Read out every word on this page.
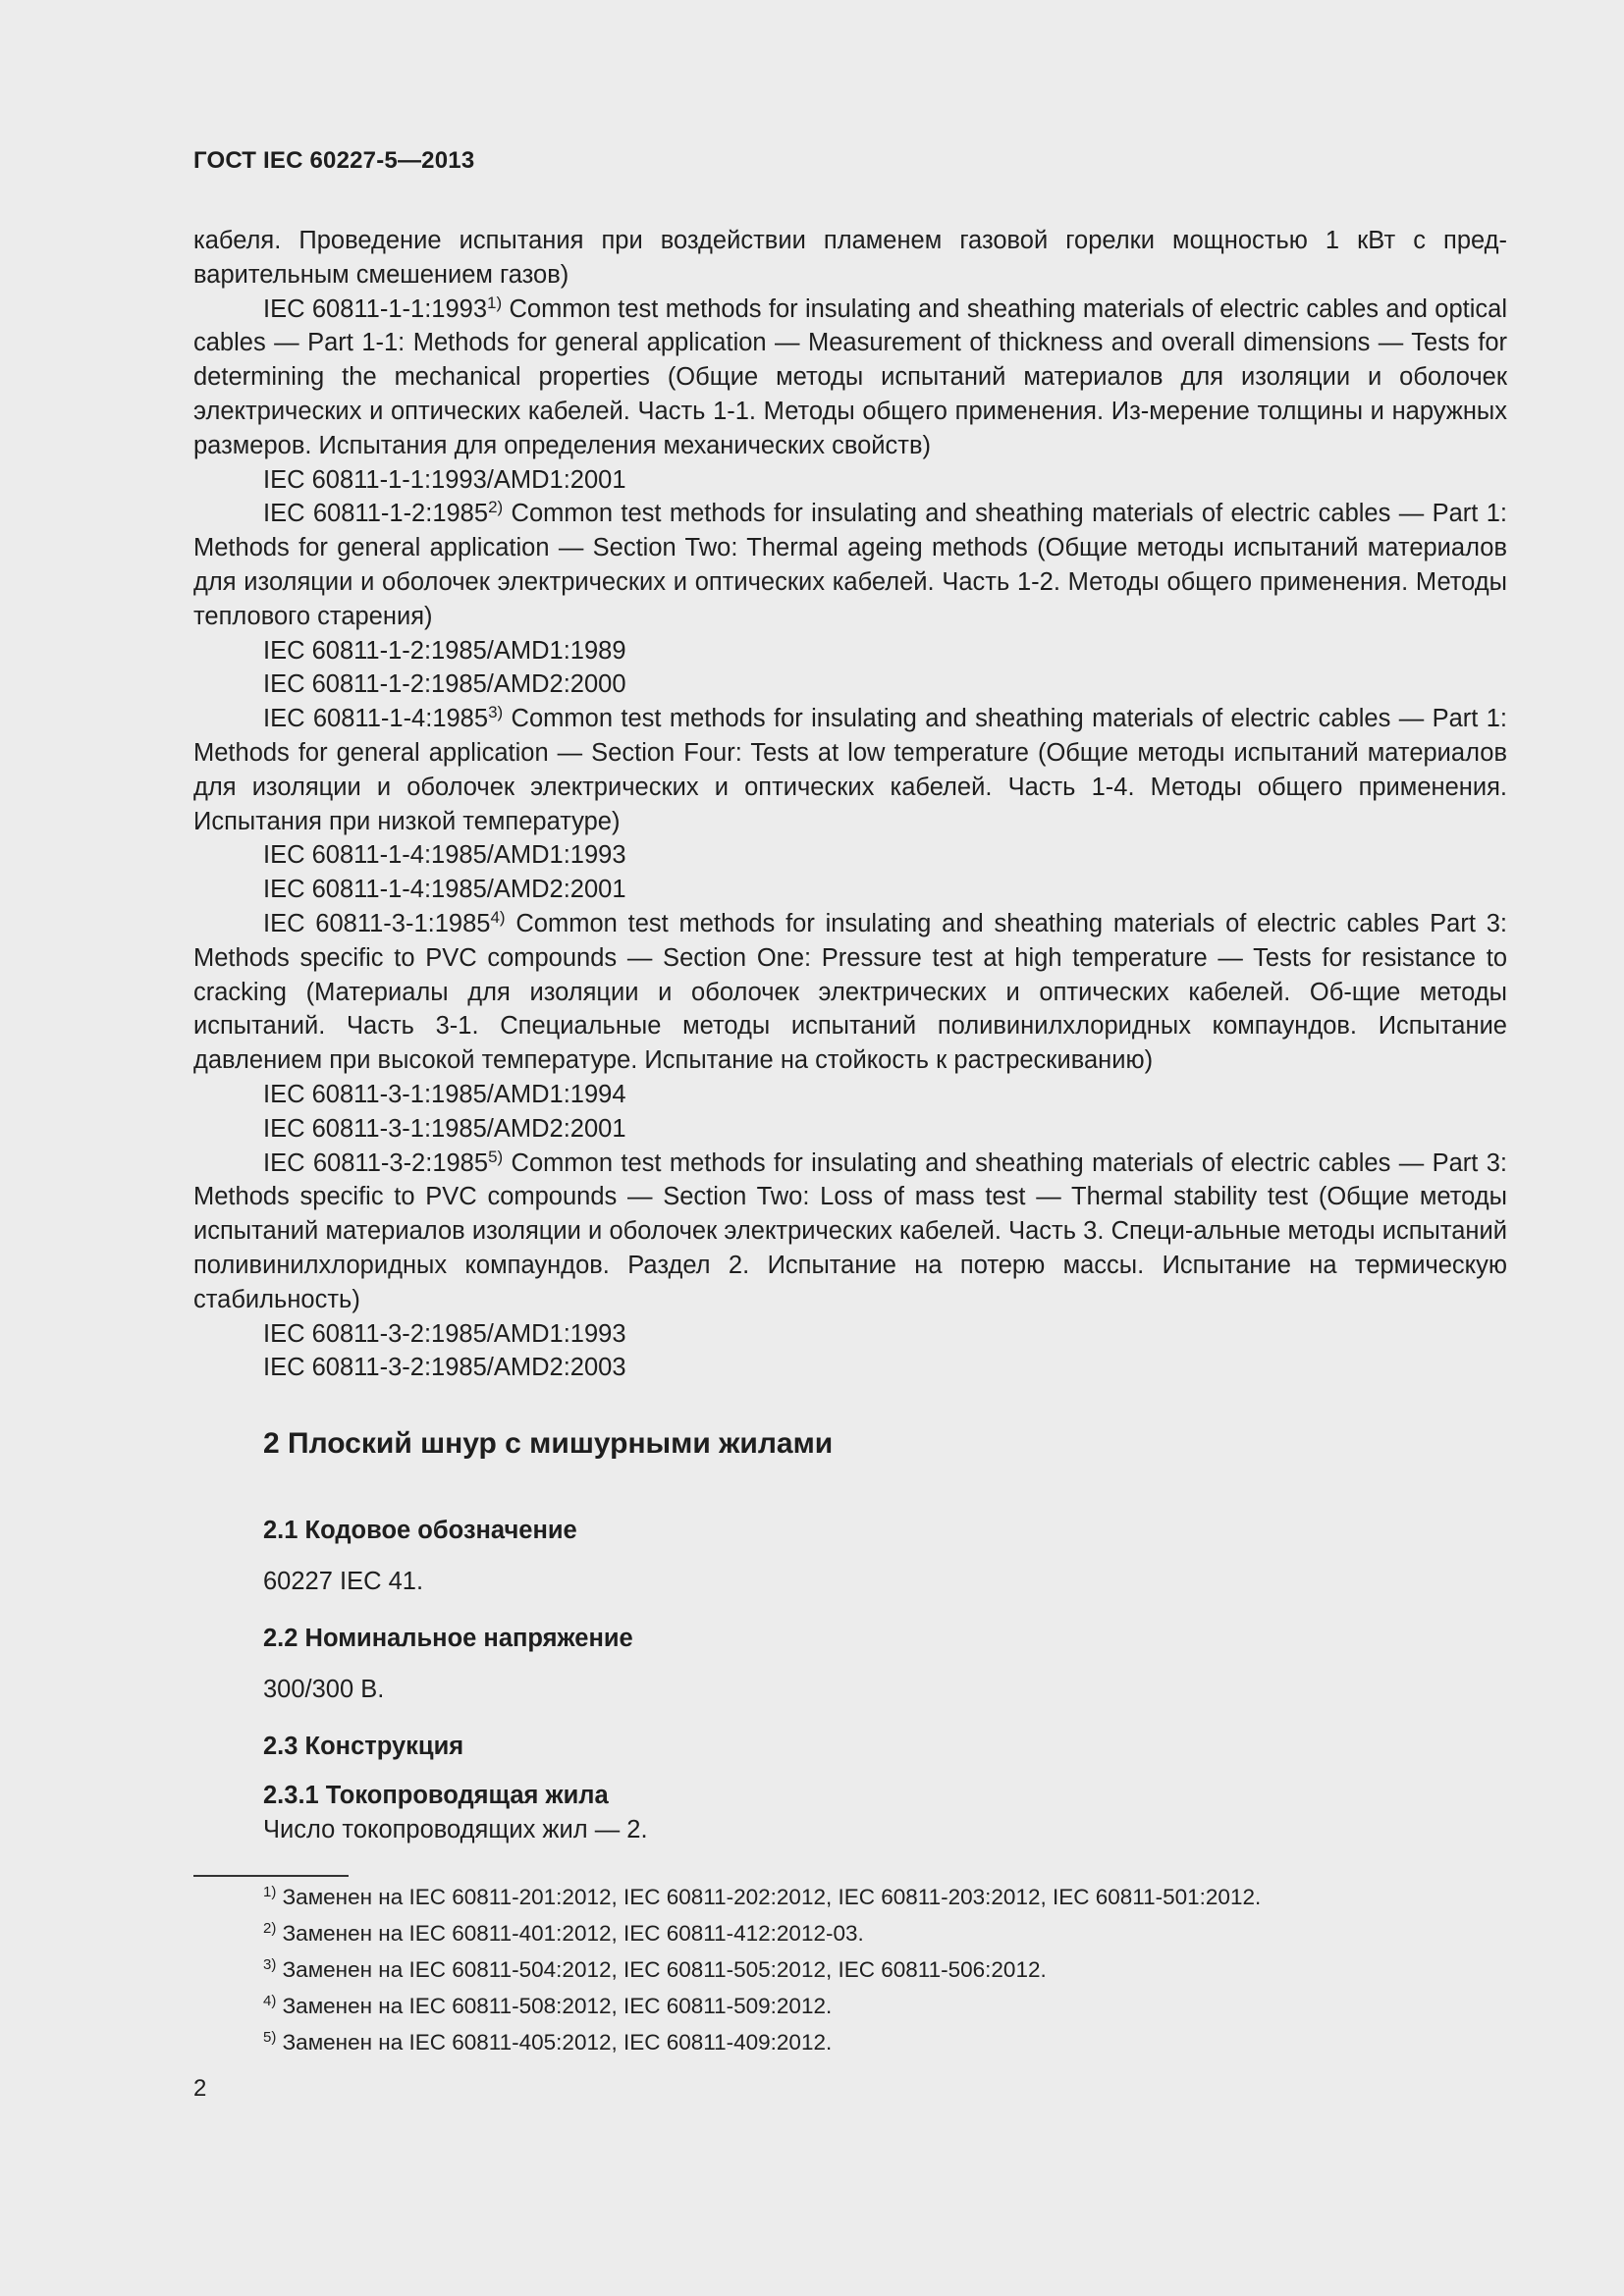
ГОСТ IEC 60227-5—2013

кабеля. Проведение испытания при воздействии пламенем газовой горелки мощностью 1 кВт с пред-варительным смешением газов)

IEC 60811-1-1:1993$^{1)}$ Common test methods for insulating and sheathing materials of electric cables and optical cables — Part 1-1: Methods for general application — Measurement of thickness and overall dimensions — Tests for determining the mechanical properties (Общие методы испытаний материалов для изоляции и оболочек электрических и оптических кабелей. Часть 1-1. Методы общего применения. Из-мерение толщины и наружных размеров. Испытания для определения механических свойств)

IEC 60811-1-1:1993/AMD1:2001

IEC 60811-1-2:1985$^{2)}$ Common test methods for insulating and sheathing materials of electric cables — Part 1: Methods for general application — Section Two: Thermal ageing methods (Общие методы испытаний материалов для изоляции и оболочек электрических и оптических кабелей. Часть 1-2. Методы общего применения. Методы теплового старения)

IEC 60811-1-2:1985/AMD1:1989

IEC 60811-1-2:1985/AMD2:2000

IEC 60811-1-4:1985$^{3)}$ Common test methods for insulating and sheathing materials of electric cables — Part 1: Methods for general application — Section Four: Tests at low temperature (Общие методы испытаний материалов для изоляции и оболочек электрических и оптических кабелей. Часть 1-4. Методы общего применения. Испытания при низкой температуре)

IEC 60811-1-4:1985/AMD1:1993

IEC 60811-1-4:1985/AMD2:2001

IEC 60811-3-1:1985$^{4)}$ Common test methods for insulating and sheathing materials of electric cables Part 3: Methods specific to PVC compounds — Section One: Pressure test at high temperature — Tests for resistance to cracking (Материалы для изоляции и оболочек электрических и оптических кабелей. Об-щие методы испытаний. Часть 3-1. Специальные методы испытаний поливинилхлоридных компаундов. Испытание давлением при высокой температуре. Испытание на стойкость к растрескиванию)

IEC 60811-3-1:1985/AMD1:1994

IEC 60811-3-1:1985/AMD2:2001

IEC 60811-3-2:1985$^{5)}$ Common test methods for insulating and sheathing materials of electric cables — Part 3: Methods specific to PVC compounds — Section Two: Loss of mass test — Thermal stability test (Общие методы испытаний материалов изоляции и оболочек электрических кабелей. Часть 3. Специ-альные методы испытаний поливинилхлоридных компаундов. Раздел 2. Испытание на потерю массы. Испытание на термическую стабильность)

IEC 60811-3-2:1985/AMD1:1993

IEC 60811-3-2:1985/AMD2:2003

2 Плоский шнур с мишурными жилами
2.1 Кодовое обозначение
60227 IEC 41.
2.2 Номинальное напряжение
300/300 В.
2.3 Конструкция
2.3.1 Токопроводящая жила
Число токопроводящих жил — 2.
$^{1)}$ Заменен на IEC 60811-201:2012, IEC 60811-202:2012, IEC 60811-203:2012, IEC 60811-501:2012.
$^{2)}$ Заменен на IEC 60811-401:2012, IEC 60811-412:2012-03.
$^{3)}$ Заменен на IEC 60811-504:2012, IEC 60811-505:2012, IEC 60811-506:2012.
$^{4)}$ Заменен на IEC 60811-508:2012, IEC 60811-509:2012.
$^{5)}$ Заменен на IEC 60811-405:2012, IEC 60811-409:2012.
2
